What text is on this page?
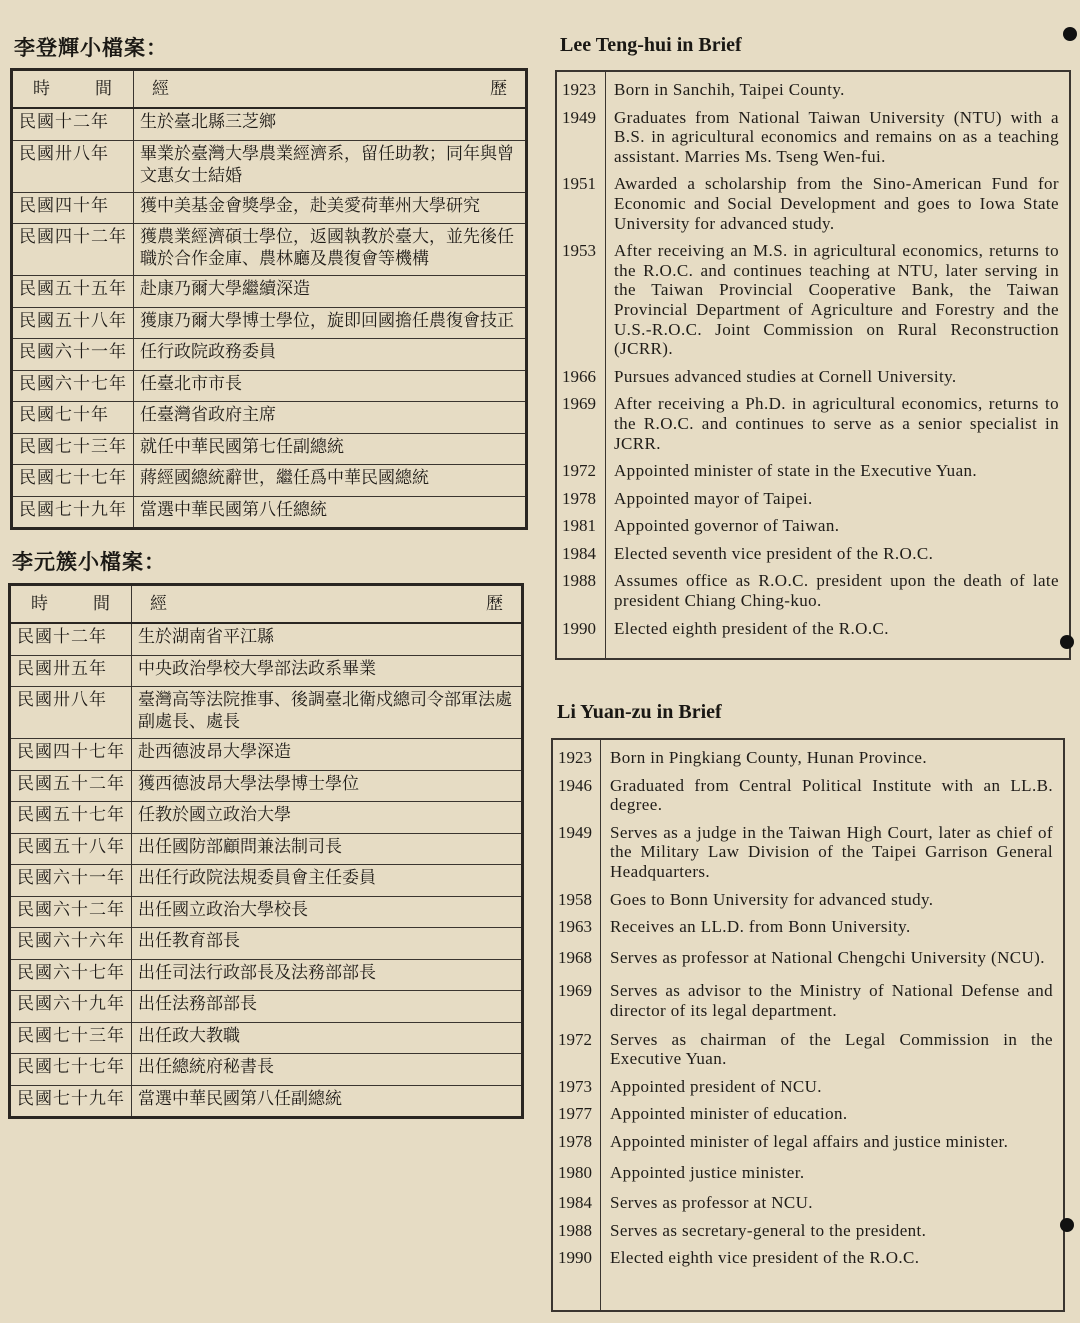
李登輝小檔案：
時 間	經 歷

民國十二年	生於臺北縣三芝鄉
民國卅八年	畢業於臺灣大學農業經濟系，留任助教；同年與曾文惠女士結婚
民國四十年	獲中美基金會獎學金，赴美愛荷華州大學研究
民國四十二年	獲農業經濟碩士學位，返國執教於臺大，並先後任職於合作金庫、農林廳及農復會等機構
民國五十五年	赴康乃爾大學繼續深造
民國五十八年	獲康乃爾大學博士學位，旋即回國擔任農復會技正
民國六十一年	任行政院政務委員
民國六十七年	任臺北市市長
民國七十年	任臺灣省政府主席
民國七十三年	就任中華民國第七任副總統
民國七十七年	蔣經國總統辭世，繼任爲中華民國總統
民國七十九年	當選中華民國第八任總統
李元簇小檔案：
時 間	經 歷

民國十二年	生於湖南省平江縣
民國卅五年	中央政治學校大學部法政系畢業
民國卅八年	臺灣高等法院推事、後調臺北衛戍總司令部軍法處副處長、處長
民國四十七年	赴西德波昂大學深造
民國五十二年	獲西德波昂大學法學博士學位
民國五十七年	任教於國立政治大學
民國五十八年	出任國防部顧問兼法制司長
民國六十一年	出任行政院法規委員會主任委員
民國六十二年	出任國立政治大學校長
民國六十六年	出任教育部長
民國六十七年	出任司法行政部長及法務部部長
民國六十九年	出任法務部部長
民國七十三年	出任政大教職
民國七十七年	出任總統府秘書長
民國七十九年	當選中華民國第八任副總統
Lee Teng-hui in Brief
1923	Born in Sanchih, Taipei County.
1949	Graduates from National Taiwan University (NTU) with a B.S. in agricultural economics and remains on as a teaching assistant. Marries Ms. Tseng Wen-fui.
1951	Awarded a scholarship from the Sino-American Fund for Economic and Social Development and goes to Iowa State University for advanced study.
1953	After receiving an M.S. in agricultural economics, returns to the R.O.C. and continues teaching at NTU, later serving in the Taiwan Provincial Cooperative Bank, the Taiwan Provincial Department of Agriculture and Forestry and the U.S.-R.O.C. Joint Commission on Rural Reconstruction (JCRR).
1966	Pursues advanced studies at Cornell University.
1969	After receiving a Ph.D. in agricultural economics, returns to the R.O.C. and continues to serve as a senior specialist in JCRR.
1972	Appointed minister of state in the Executive Yuan.
1978	Appointed mayor of Taipei.
1981	Appointed governor of Taiwan.
1984	Elected seventh vice president of the R.O.C.
1988	Assumes office as R.O.C. president upon the death of late president Chiang Ching-kuo.
1990	Elected eighth president of the R.O.C.
Li Yuan-zu in Brief
1923	Born in Pingkiang County, Hunan Province.
1946	Graduated from Central Political Institute with an LL.B. degree.
1949	Serves as a judge in the Taiwan High Court, later as chief of the Military Law Division of the Taipei Garrison General Headquarters.
1958	Goes to Bonn University for advanced study.
1963	Receives an LL.D. from Bonn University.
1968	Serves as professor at National Chengchi University (NCU).
1969	Serves as advisor to the Ministry of National Defense and director of its legal department.
1972	Serves as chairman of the Legal Commission in the Executive Yuan.
1973	Appointed president of NCU.
1977	Appointed minister of education.
1978	Appointed minister of legal affairs and justice minister.
1980	Appointed justice minister.
1984	Serves as professor at NCU.
1988	Serves as secretary-general to the president.
1990	Elected eighth vice president of the R.O.C.
